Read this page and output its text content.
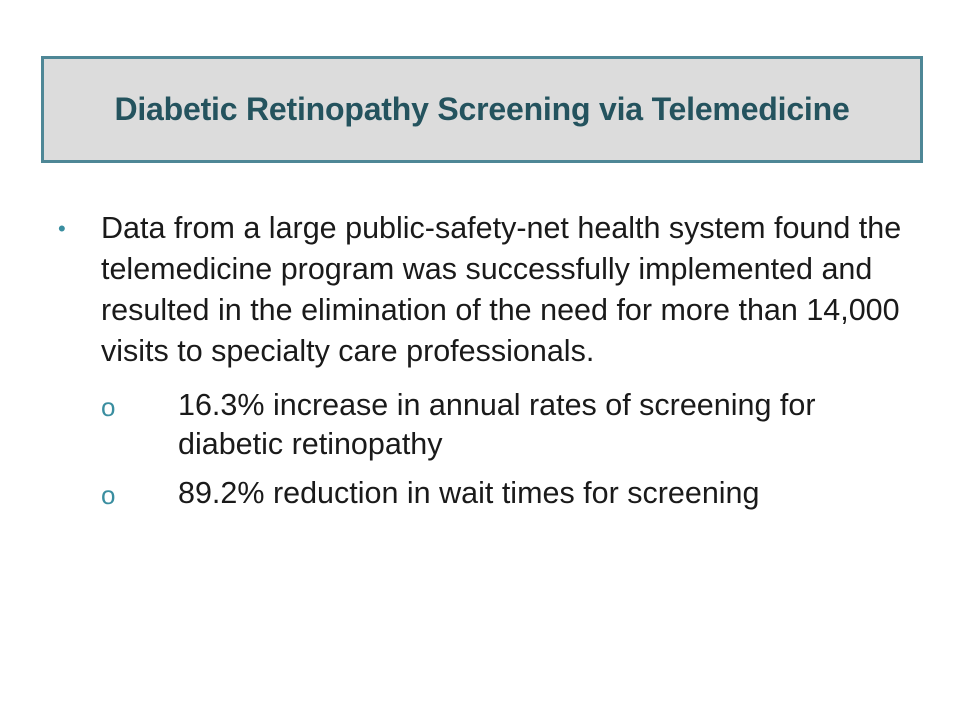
Diabetic Retinopathy Screening via Telemedicine
• Data from a large public-safety-net health system found the telemedicine program was successfully implemented and resulted in the elimination of the need for more than 14,000 visits to specialty care professionals.
o 16.3% increase in annual rates of screening for diabetic retinopathy
o 89.2% reduction in wait times for screening
